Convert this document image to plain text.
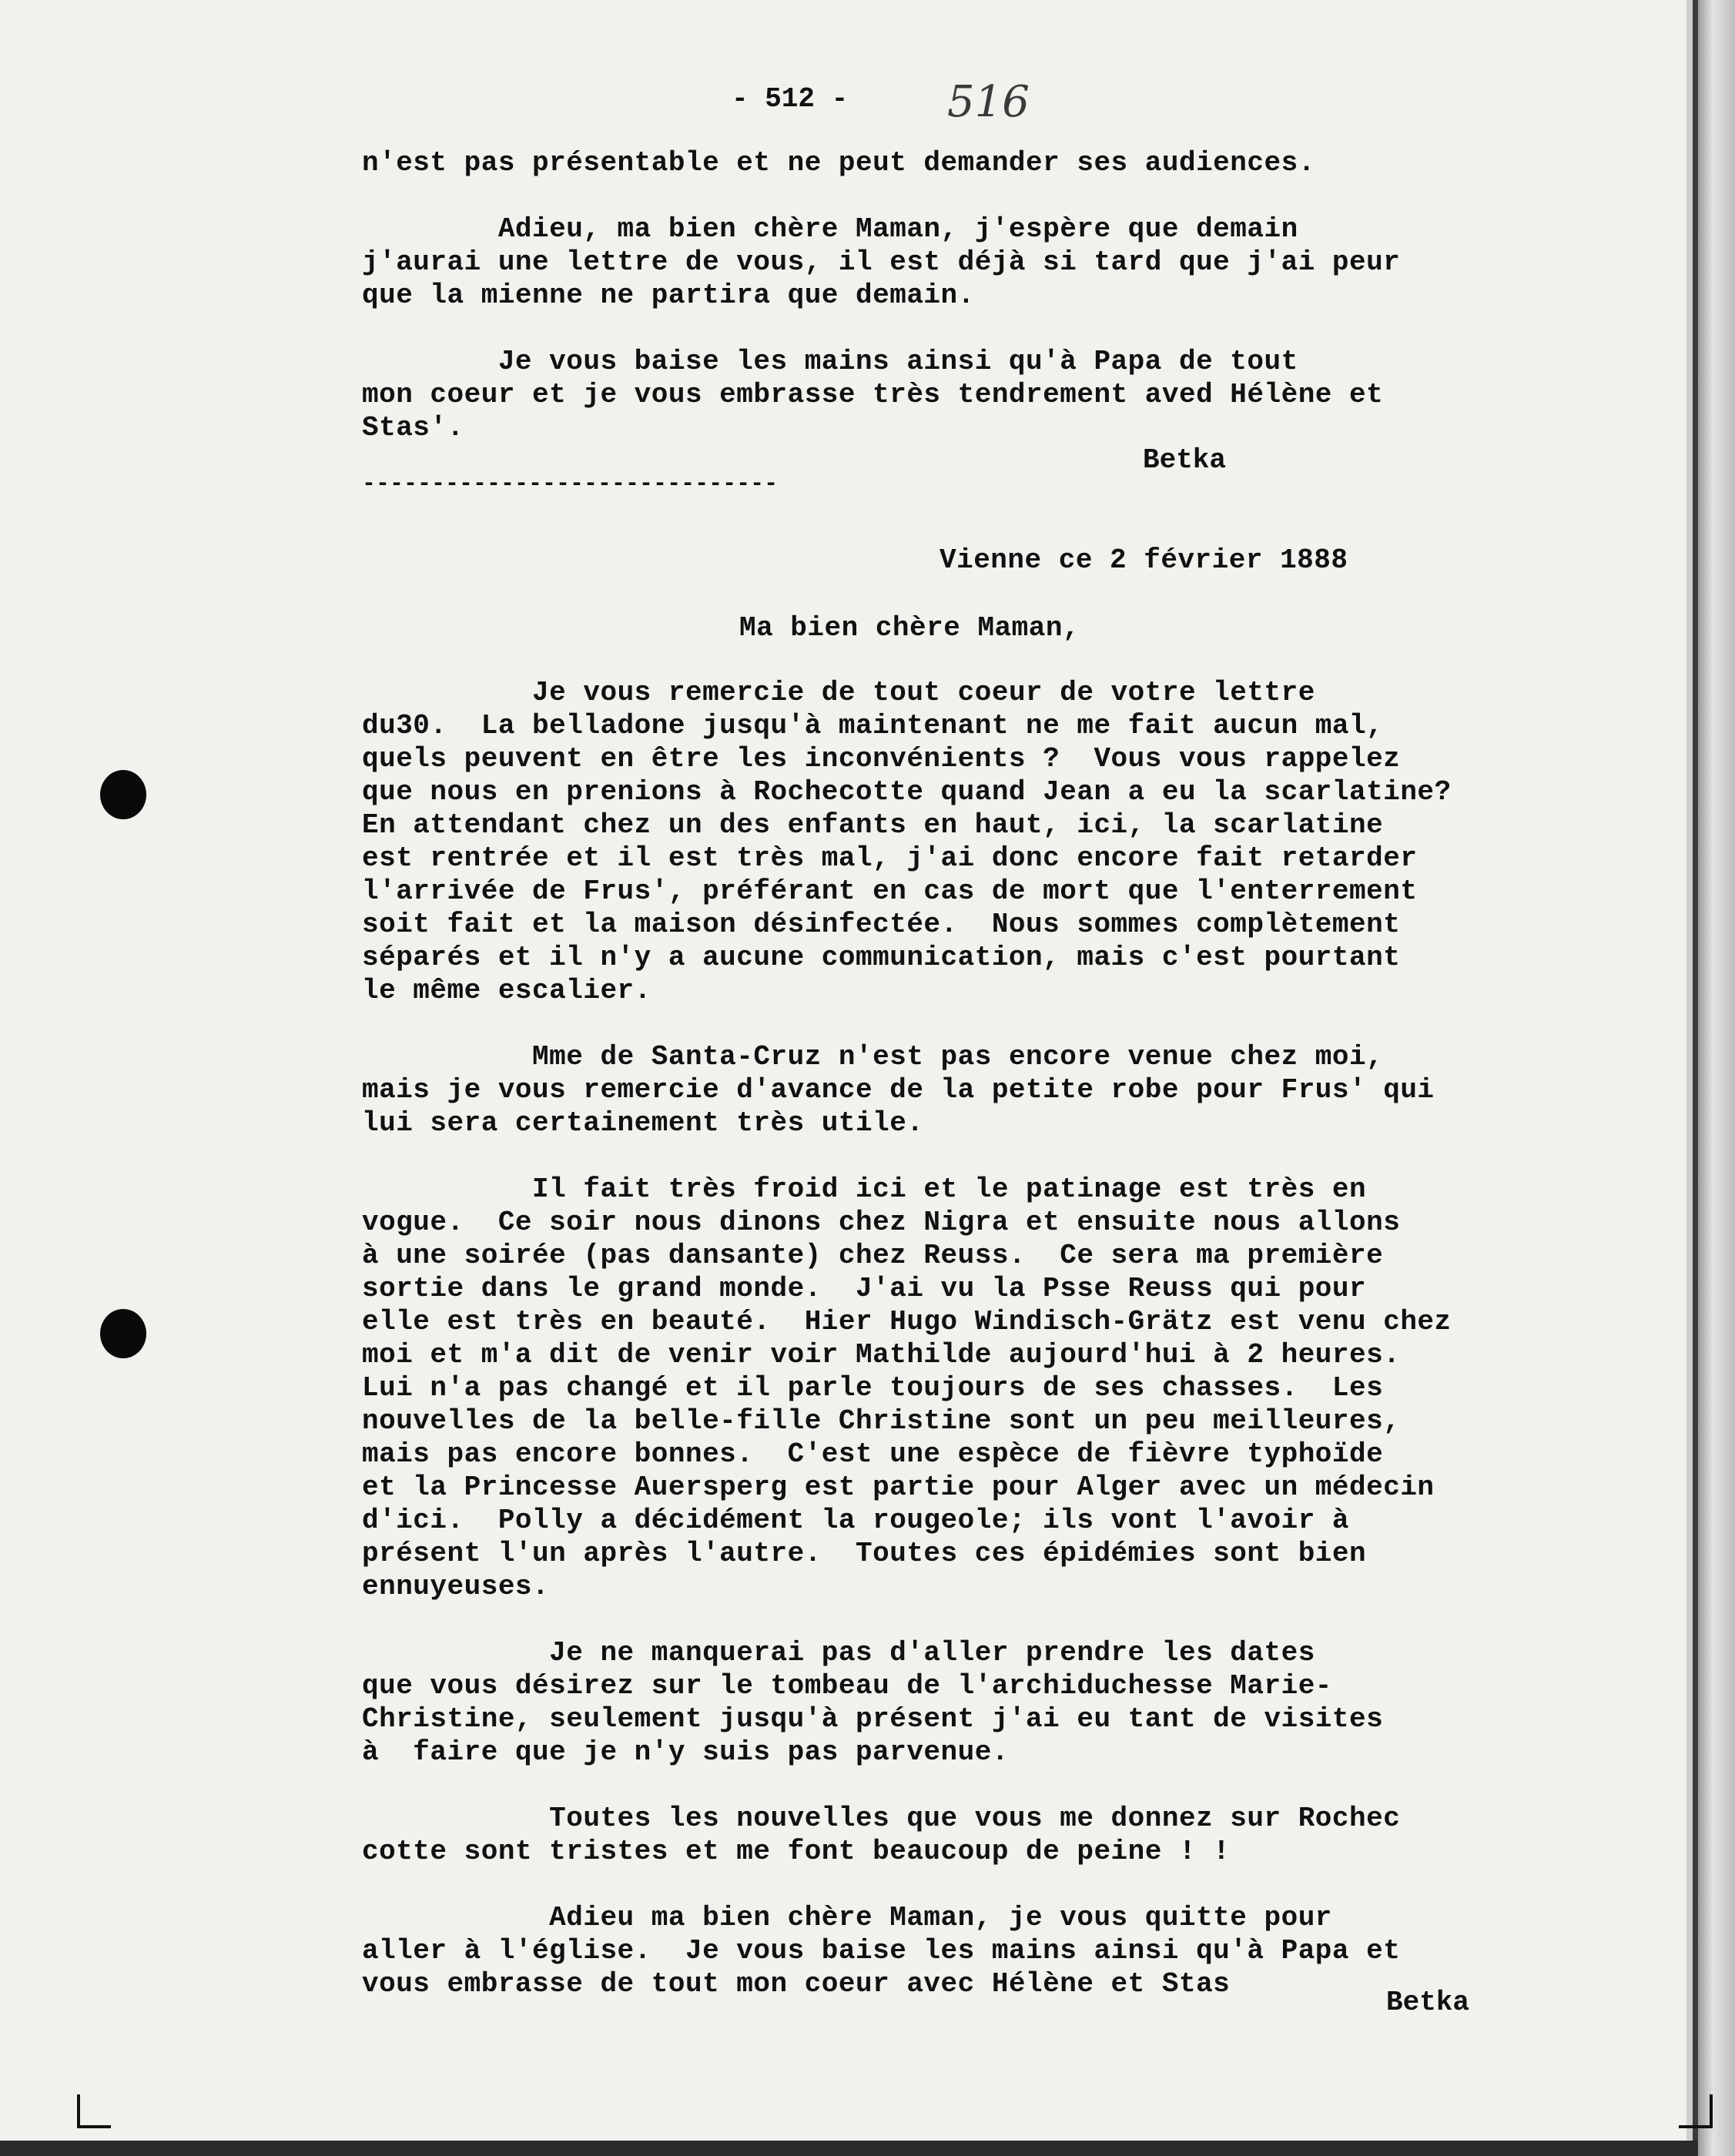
- 512 - 516
n'est pas présentable et ne peut demander ses audiences.

Adieu, ma bien chère Maman, j'espère que demain
j'aurai une lettre de vous, il est déjà si tard que j'ai peur
que la mienne ne partira que demain.

Je vous baise les mains ainsi qu'à Papa de tout
mon coeur et je vous embrasse très tendrement aved Hélène et
Stas'.
Betka
------------------------------
Vienne ce 2 février 1888
Ma bien chère Maman,
Je vous remercie de tout coeur de votre lettre
du30.  La belladone jusqu'à maintenant ne me fait aucun mal,
quels peuvent en être les inconvénients ?  Vous vous rappelez
que nous en prenions à Rochecotte quand Jean a eu la scarlatine?
En attendant chez un des enfants en haut, ici, la scarlatine
est rentrée et il est très mal, j'ai donc encore fait retarder
l'arrivée de Frus', préférant en cas de mort que l'enterrement
soit fait et la maison désinfectée.  Nous sommes complètement
séparés et il n'y a aucune communication, mais c'est pourtant
le même escalier.

Mme de Santa-Cruz n'est pas encore venue chez moi,
mais je vous remercie d'avance de la petite robe pour Frus' qui
lui sera certainement très utile.

Il fait très froid ici et le patinage est très en
vogue.  Ce soir nous dinons chez Nigra et ensuite nous allons
à une soirée (pas dansante) chez Reuss.  Ce sera ma première
sortie dans le grand monde.  J'ai vu la Psse Reuss qui pour
elle est très en beauté.  Hier Hugo Windisch-Grätz est venu chez
moi et m'a dit de venir voir Mathilde aujourd'hui à 2 heures.
Lui n'a pas changé et il parle toujours de ses chasses.  Les
nouvelles de la belle-fille Christine sont un peu meilleures,
mais pas encore bonnes.  C'est une espèce de fièvre typhoïde
et la Princesse Auersperg est partie pour Alger avec un médecin
d'ici.  Polly a décidément la rougeole; ils vont l'avoir à
présent l'un après l'autre.  Toutes ces épidémies sont bien
ennuyeuses.

Je ne manquerai pas d'aller prendre les dates
que vous désirez sur le tombeau de l'archiduchesse Marie-
Christine, seulement jusqu'à présent j'ai eu tant de visites
à  faire que je n'y suis pas parvenue.

Toutes les nouvelles que vous me donnez sur Rochec
cotte sont tristes et me font beaucoup de peine ! !

Adieu ma bien chère Maman, je vous quitte pour
aller à l'église.  Je vous baise les mains ainsi qu'à Papa et
vous embrasse de tout mon coeur avec Hélène et Stas
Betka
